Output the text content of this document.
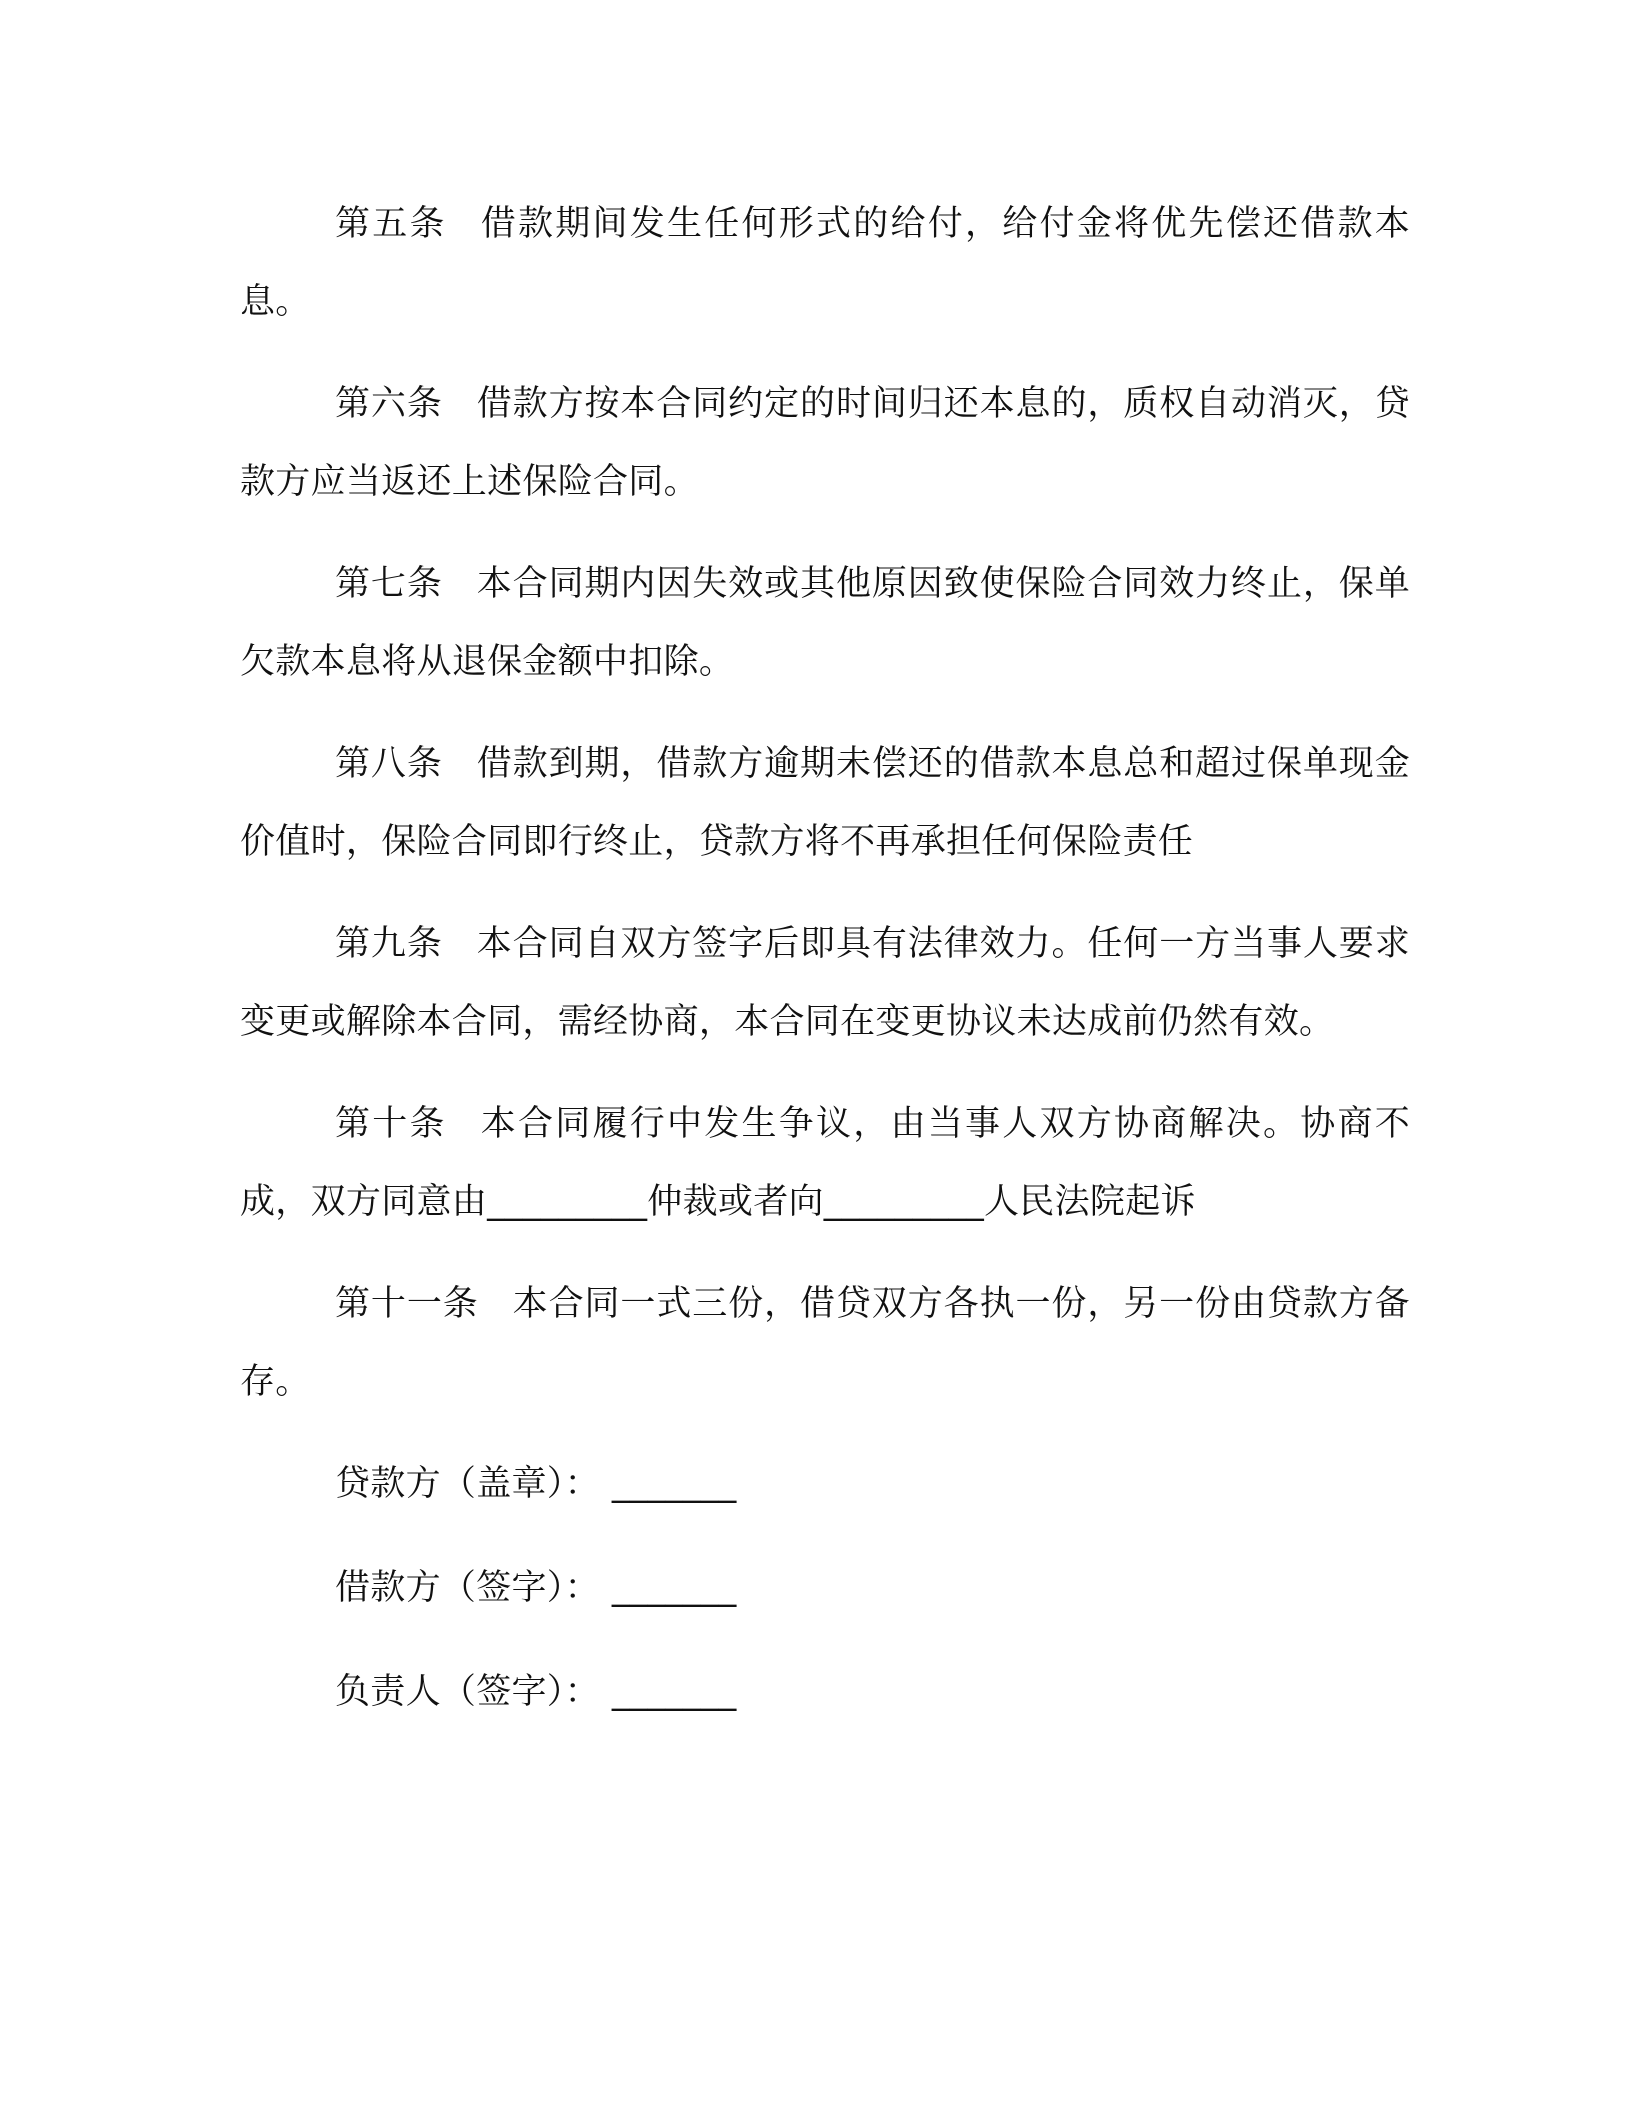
第五条 借款期间发生任何形式的给付，给付金将优先偿还借款本息。

第六条 借款方按本合同约定的时间归还本息的，质权自动消灭，贷款方应当返还上述保险合同。

第七条 本合同期内因失效或其他原因致使保险合同效力终止，保单欠款本息将从退保金额中扣除。

第八条 借款到期，借款方逾期未偿还的借款本息总和超过保单现金价值时，保险合同即行终止，贷款方将不再承担任何保险责任

第九条 本合同自双方签字后即具有法律效力。任何一方当事人要求变更或解除本合同，需经协商，本合同在变更协议未达成前仍然有效。

第十条 本合同履行中发生争议，由当事人双方协商解决。协商不成，双方同意由_________仲裁或者向_________人民法院起诉

第十一条 本合同一式三份，借贷双方各执一份，另一份由贷款方备存。

贷款方（盖章）： _______

借款方（签字）： _______

负责人（签字）： _______
